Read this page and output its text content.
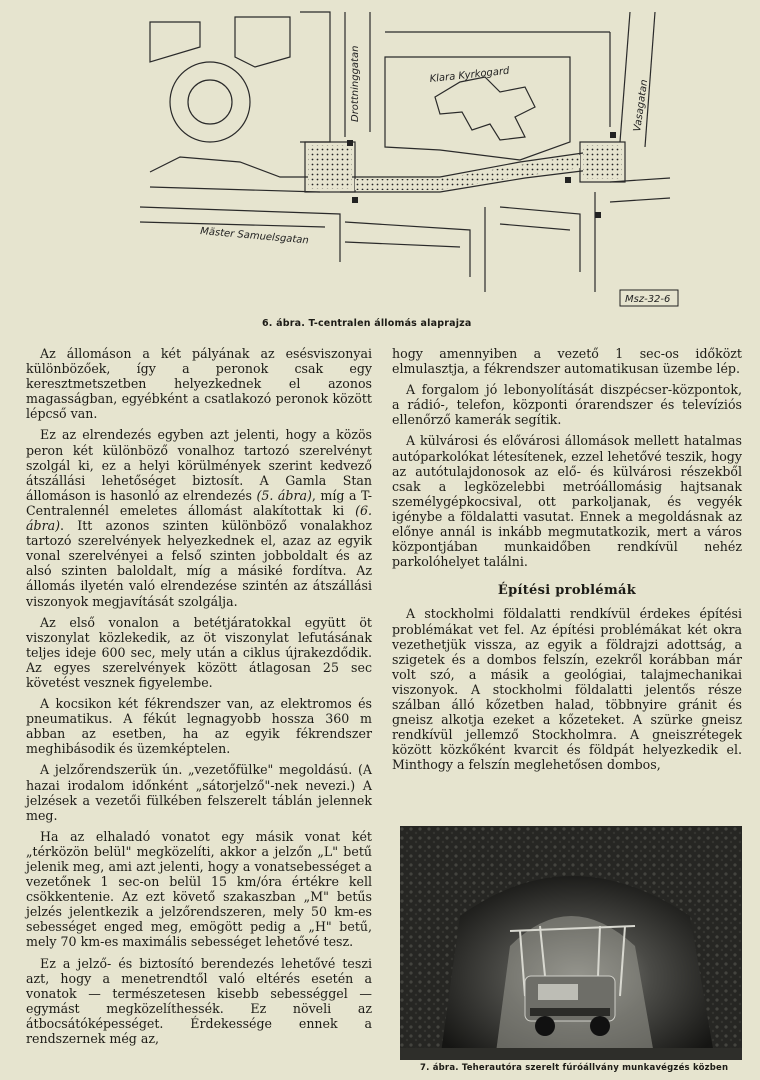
Drottninggatan	Klara Kyrkogard
Vasagatan
Mäster Samuelsgatan
Msz-32-6
6. ábra. T-centralen állomás alaprajza

Az állomáson a két pályának az esésviszonyai különbözőek, így a peronok csak egy keresztmetszetben helyezkednek el azonos magasságban, egyébként a csatlakozó peronok között lépcső van.

Ez az elrendezés egyben azt jelenti, hogy a közös peron két különböző vonalhoz tartozó szerelvényt szolgál ki, ez a helyi körülmények szerint kedvező átszállási lehetőséget biztosít. A Gamla Stan állomáson is hasonló az elrendezés (5. ábra), míg a T-Centralennél emeletes állomást alakítottak ki (6. ábra). Itt azonos szinten különböző vonalakhoz tartozó szerelvények helyezkednek el, azaz az egyik vonal szerelvényei a felső szinten jobboldalt és az alsó szinten baloldalt, míg a másiké fordítva. Az állomás ilyetén való elrendezése szintén az átszállási viszonyok megjavítását szolgálja.

Az első vonalon a betétjáratokkal együtt öt viszonylat közlekedik, az öt viszonylat lefutásának teljes ideje 600 sec, mely után a ciklus újrakezdődik. Az egyes szerelvények között átlagosan 25 sec követést vesznek figyelembe.

A kocsikon két fékrendszer van, az elektromos és pneumatikus. A fékút legnagyobb hossza 360 m abban az esetben, ha az egyik fékrendszer meghibásodik és üzemképtelen.

A jelzőrendszerük ún. „vezetőfülke" megoldású. (A hazai irodalom időnként „sátorjelző"-nek nevezi.) A jelzések a vezetői fülkében felszerelt táblán jelennek meg.

Ha az elhaladó vonatot egy másik vonat két „térközön belül" megközelíti, akkor a jelzőn „L" betű jelenik meg, ami azt jelenti, hogy a vonatsebességet a vezetőnek 1 sec-on belül 15 km/óra értékre kell csökkentenie. Az ezt követő szakaszban „M" betűs jelzés jelentkezik a jelzőrendszeren, mely 50 km-es sebességet enged meg, emögött pedig a „H" betű, mely 70 km-es maximális sebességet lehetővé tesz.

Ez a jelző- és biztosító berendezés lehetővé teszi azt, hogy a menetrendtől való eltérés esetén a vonatok — természetesen kisebb sebességgel — egymást megközelíthessék. Ez növeli az átbocsátóképességet. Érdekessége ennek a rendszernek még az,

hogy amennyiben a vezető 1 sec-os időközt elmulasztja, a fékrendszer automatikusan üzembe lép.

A forgalom jó lebonyolítását diszpécser-központok, a rádió-, telefon, központi órarendszer és televíziós ellenőrző kamerák segítik.

A külvárosi és elővárosi állomások mellett hatalmas autóparkolókat létesítenek, ezzel lehetővé teszik, hogy az autótulajdonosok az elő- és külvárosi részekből csak a legközelebbi metróállomásig hajtsanak személygépkocsival, ott parkoljanak, és vegyék igénybe a földalatti vasutat. Ennek a megoldásnak az előnye annál is inkább megmutatkozik, mert a város központjában munkaidőben rendkívül nehéz parkolóhelyet találni.

Építési problémák

A stockholmi földalatti rendkívül érdekes építési problémákat vet fel. Az építési problémákat két okra vezethetjük vissza, az egyik a földrajzi adottság, a szigetek és a dombos felszín, ezekről korábban már volt szó, a másik a geológiai, talajmechanikai viszonyok. A stockholmi földalatti jelentős része szálban álló kőzetben halad, többnyire gránit és gneisz alkotja ezeket a kőzeteket. A szürke gneisz rendkívül jellemző Stockholmra. A gneiszrétegek között közkőként kvarcit és földpát helyezkedik el. Minthogy a felszín meglehetősen dombos,

7. ábra. Teherautóra szerelt fúróállvány munkavégzés közben
